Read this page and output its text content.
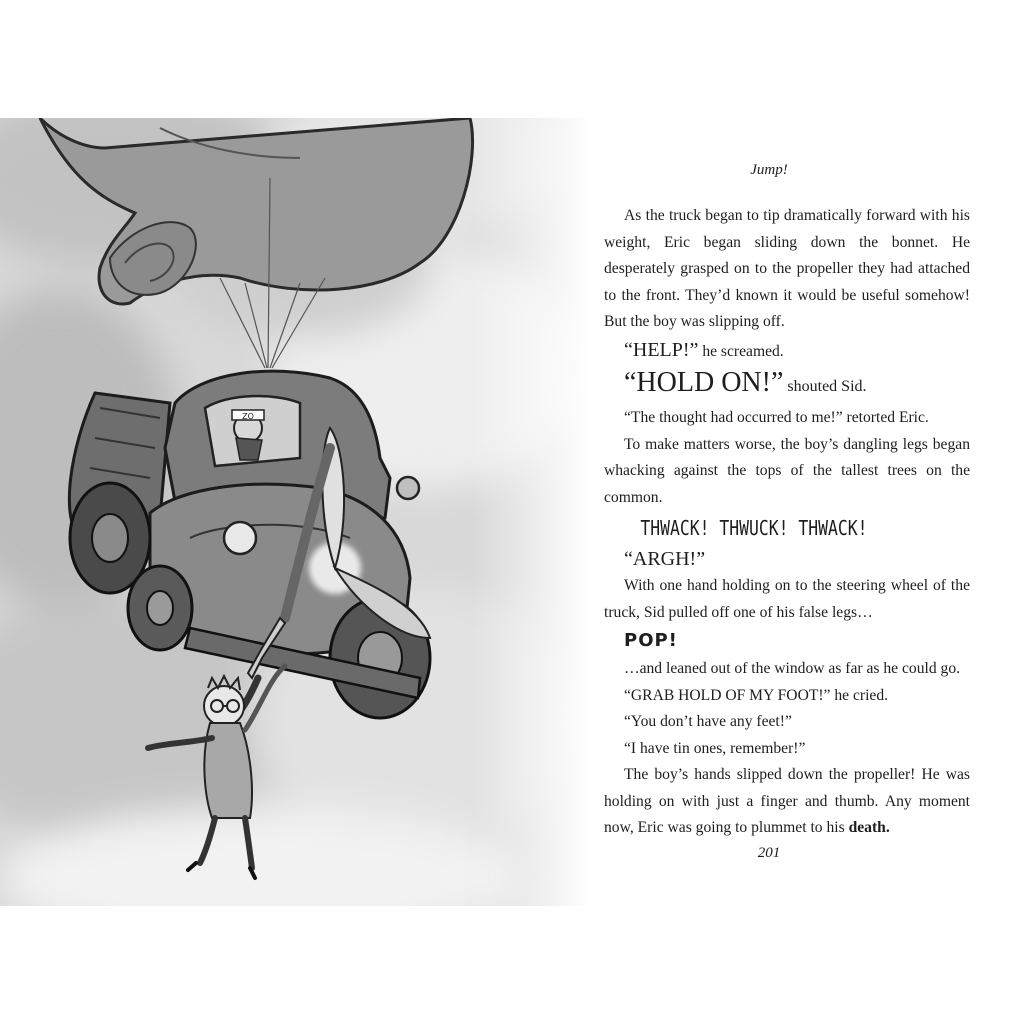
ZO
Jump!

As the truck began to tip dramatically forward with his weight, Eric began sliding down the bonnet. He desperately grasped on to the propeller they had attached to the front. They’d known it would be useful somehow! But the boy was slipping off.

“HELP!” he screamed.

“HOLD ON!” shouted Sid.

“The thought had occurred to me!” retorted Eric.

To make matters worse, the boy’s dangling legs began whacking against the tops of the tallest trees on the common.

THWACK! THWUCK! THWACK!

“ARGH!”

With one hand holding on to the steering wheel of the truck, Sid pulled off one of his false legs…

POP!

…and leaned out of the window as far as he could go.

“GRAB HOLD OF MY FOOT!” he cried.

“You don’t have any feet!”

“I have tin ones, remember!”

The boy’s hands slipped down the propeller! He was holding on with just a finger and thumb. Any moment now, Eric was going to plummet to his death.

201
